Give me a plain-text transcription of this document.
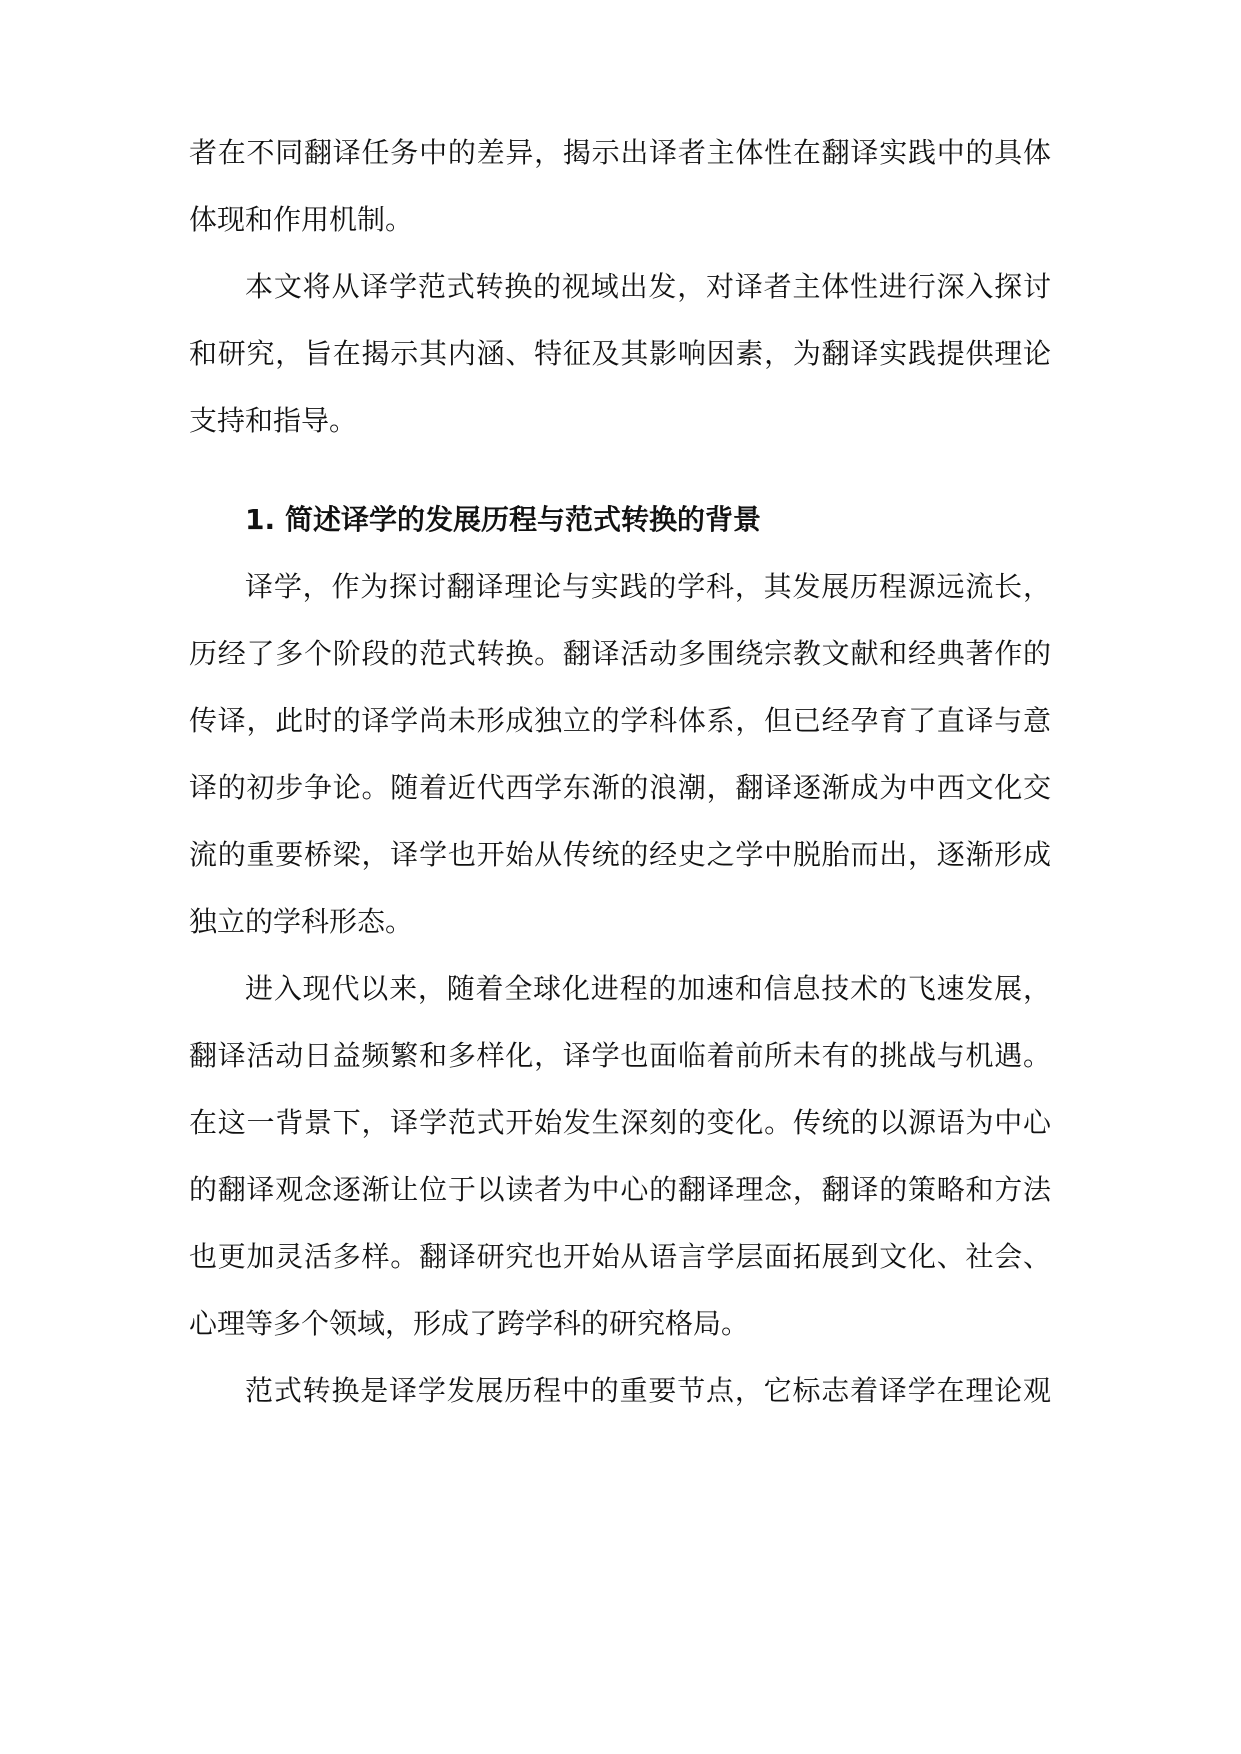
者在不同翻译任务中的差异，揭示出译者主体性在翻译实践中的具体
体现和作用机制。
本文将从译学范式转换的视域出发，对译者主体性进行深入探讨
和研究，旨在揭示其内涵、特征及其影响因素，为翻译实践提供理论
支持和指导。
1. 简述译学的发展历程与范式转换的背景
译学，作为探讨翻译理论与实践的学科，其发展历程源远流长，
历经了多个阶段的范式转换。翻译活动多围绕宗教文献和经典著作的
传译，此时的译学尚未形成独立的学科体系，但已经孕育了直译与意
译的初步争论。随着近代西学东渐的浪潮，翻译逐渐成为中西文化交
流的重要桥梁，译学也开始从传统的经史之学中脱胎而出，逐渐形成
独立的学科形态。
进入现代以来，随着全球化进程的加速和信息技术的飞速发展，
翻译活动日益频繁和多样化，译学也面临着前所未有的挑战与机遇。
在这一背景下，译学范式开始发生深刻的变化。传统的以源语为中心
的翻译观念逐渐让位于以读者为中心的翻译理念，翻译的策略和方法
也更加灵活多样。翻译研究也开始从语言学层面拓展到文化、社会、
心理等多个领域，形成了跨学科的研究格局。
范式转换是译学发展历程中的重要节点，它标志着译学在理论观
